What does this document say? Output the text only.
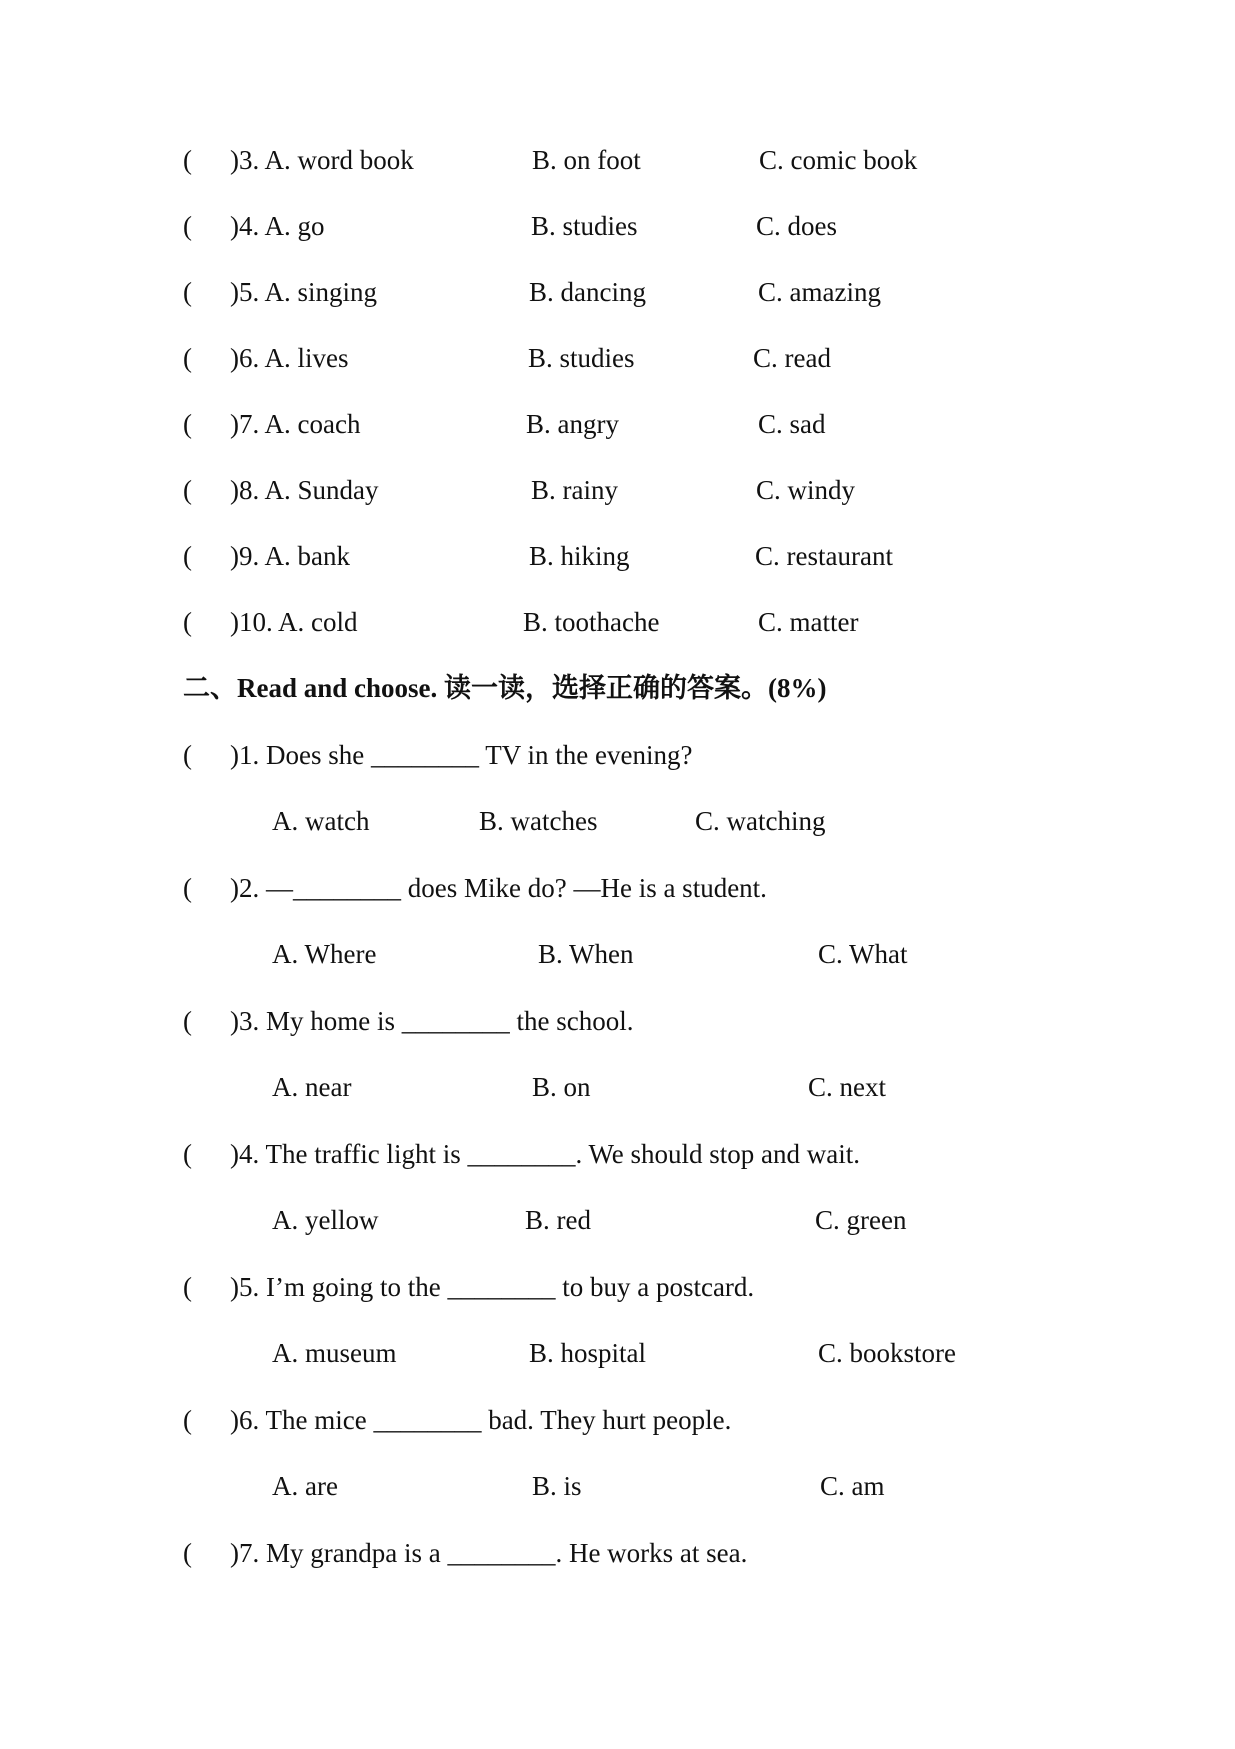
( )3. A. word book	B. on foot	C. comic book
( )4. A. go	B. studies	C. does
( )5. A. singing	B. dancing	C. amazing
( )6. A. lives	B. studies	C. read
( )7. A. coach	B. angry	C. sad
( )8. A. Sunday	B. rainy	C. windy
( )9. A. bank	B. hiking	C. restaurant
( )10. A. cold	B. toothache	C. matter
二、Read and choose. 读一读，选择正确的答案。(8%)
( )1. Does she ________ TV in the evening?
A. watch	B. watches	C. watching
( )2. —________ does Mike do? —He is a student.
A. Where	B. When	C. What
( )3. My home is ________ the school.
A. near	B. on	C. next
( )4. The traffic light is ________. We should stop and wait.
A. yellow	B. red	C. green
( )5. I’m going to the ________ to buy a postcard.
A. museum	B. hospital	C. bookstore
( )6. The mice ________ bad. They hurt people.
A. are	B. is	C. am
( )7. My grandpa is a ________. He works at sea.
